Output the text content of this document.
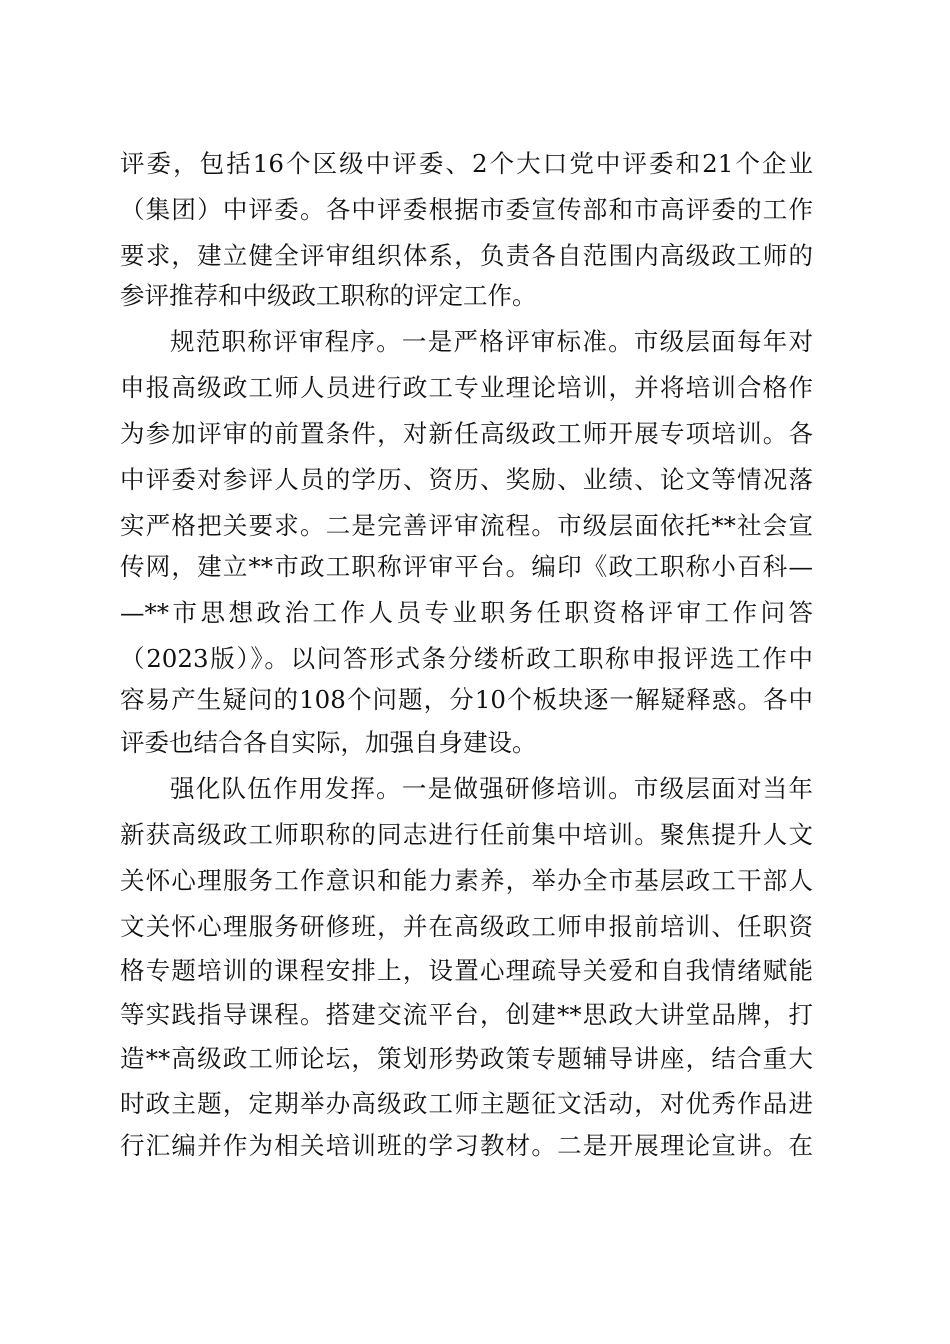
评委，包括16个区级中评委、2个大口党中评委和21个企业
（集团）中评委。各中评委根据市委宣传部和市高评委的工作
要求，建立健全评审组织体系，负责各自范围内高级政工师的
参评推荐和中级政工职称的评定工作。
规范职称评审程序。一是严格评审标准。市级层面每年对
申报高级政工师人员进行政工专业理论培训，并将培训合格作
为参加评审的前置条件，对新任高级政工师开展专项培训。各
中评委对参评人员的学历、资历、奖励、业绩、论文等情况落
实严格把关要求。二是完善评审流程。市级层面依托**社会宣
传网，建立**市政工职称评审平台。编印《政工职称小百科—
—**市思想政治工作人员专业职务任职资格评审工作问答
（2023版）》。以问答形式条分缕析政工职称申报评选工作中
容易产生疑问的108个问题，分10个板块逐一解疑释惑。各中
评委也结合各自实际，加强自身建设。
强化队伍作用发挥。一是做强研修培训。市级层面对当年
新获高级政工师职称的同志进行任前集中培训。聚焦提升人文
关怀心理服务工作意识和能力素养，举办全市基层政工干部人
文关怀心理服务研修班，并在高级政工师申报前培训、任职资
格专题培训的课程安排上，设置心理疏导关爱和自我情绪赋能
等实践指导课程。搭建交流平台，创建**思政大讲堂品牌，打
造**高级政工师论坛，策划形势政策专题辅导讲座，结合重大
时政主题，定期举办高级政工师主题征文活动，对优秀作品进
行汇编并作为相关培训班的学习教材。二是开展理论宣讲。在
